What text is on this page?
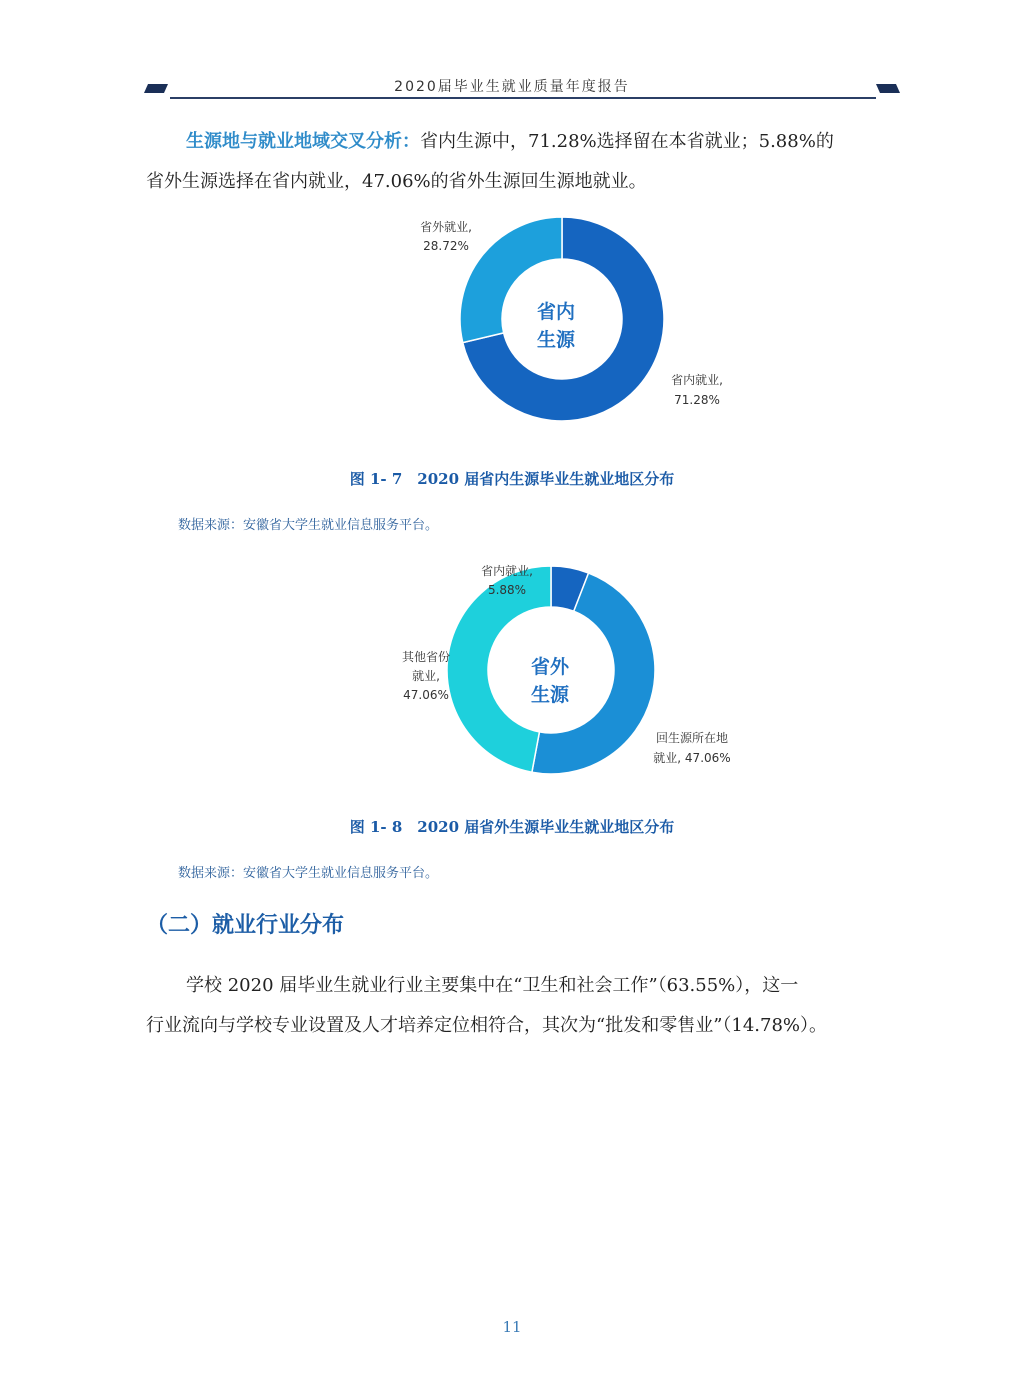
2020届毕业生就业质量年度报告
生源地与就业地域交叉分析：省内生源中，71.28%选择留在本省就业；5.88%的
省外生源选择在省内就业，47.06%的省外生源回生源地就业。
省外就业,
28.72%
省内就业,
71.28%
省内
生源
图 1- 7　2020 届省内生源毕业生就业地区分布
数据来源：安徽省大学生就业信息服务平台。
省内就业,
5.88%
回生源所在地
就业, 47.06%
其他省份
就业,
47.06%
省外
生源
图 1- 8　2020 届省外生源毕业生就业地区分布
数据来源：安徽省大学生就业信息服务平台。
（二）就业行业分布
学校 2020 届毕业生就业行业主要集中在“卫生和社会工作”（63.55%），这一
行业流向与学校专业设置及人才培养定位相符合，其次为“批发和零售业”（14.78%）。
11
